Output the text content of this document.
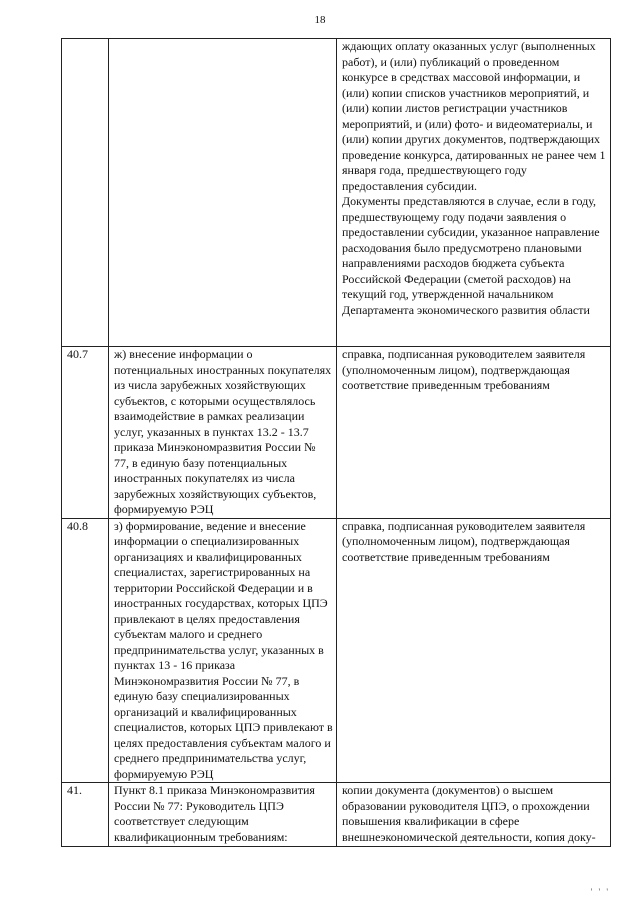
18

		ждающих оплату оказанных услуг (выполненных работ), и (или) публикаций о проведенном конкурсе в средствах массовой информации, и (или) копии списков участников мероприятий, и (или) копии листов регистрации участников мероприятий, и (или) фото- и видеоматериалы, и (или) копии других документов, подтверждающих проведение конкурса, датированных не ранее чем 1 января года, предшествующего году предоставления субсидии.

Документы представляются в случае, если в году, предшествующему году подачи заявления о предоставлении субсидии, указанное направление расходования было предусмотрено плановыми направлениями расходов бюджета субъекта Российской Федерации (сметой расходов) на текущий год, утвержденной начальником Департамента экономического развития области

40.7	ж) внесение информации о потенциальных иностранных покупателях из числа зарубежных хозяйствующих субъектов, с которыми осуществлялось взаимодействие в рамках реализации услуг, указанных в пунктах 13.2 - 13.7 приказа Минэкономразвития России № 77, в единую базу потенциальных иностранных покупателях из числа зарубежных хозяйствующих субъектов, формируемую РЭЦ	справка, подписанная руководителем заявителя (уполномоченным лицом), подтверждающая соответствие приведенным требованиям

40.8	з) формирование, ведение и внесение информации о специализированных организациях и квалифицированных специалистах, зарегистрированных на территории Российской Федерации и в иностранных государствах, которых ЦПЭ привлекают в целях предоставления субъектам малого и среднего предпринимательства услуг, указанных в пунктах 13 - 16 приказа Минэкономразвития России № 77, в единую базу специализированных организаций и квалифицированных специалистов, которых ЦПЭ привлекают в целях предоставления субъектам малого и среднего предпринимательства услуг, формируемую РЭЦ	справка, подписанная руководителем заявителя (уполномоченным лицом), подтверждающая соответствие приведенным требованиям

41.	Пункт 8.1 приказа Минэкономразвития России № 77: Руководитель ЦПЭ соответствует следующим квалификационным требованиям:	копии документа (документов) о высшем образовании руководителя ЦПЭ, о прохождении повышения квалификации в сфере внешнеэкономической деятельности, копия доку-

' ' '
